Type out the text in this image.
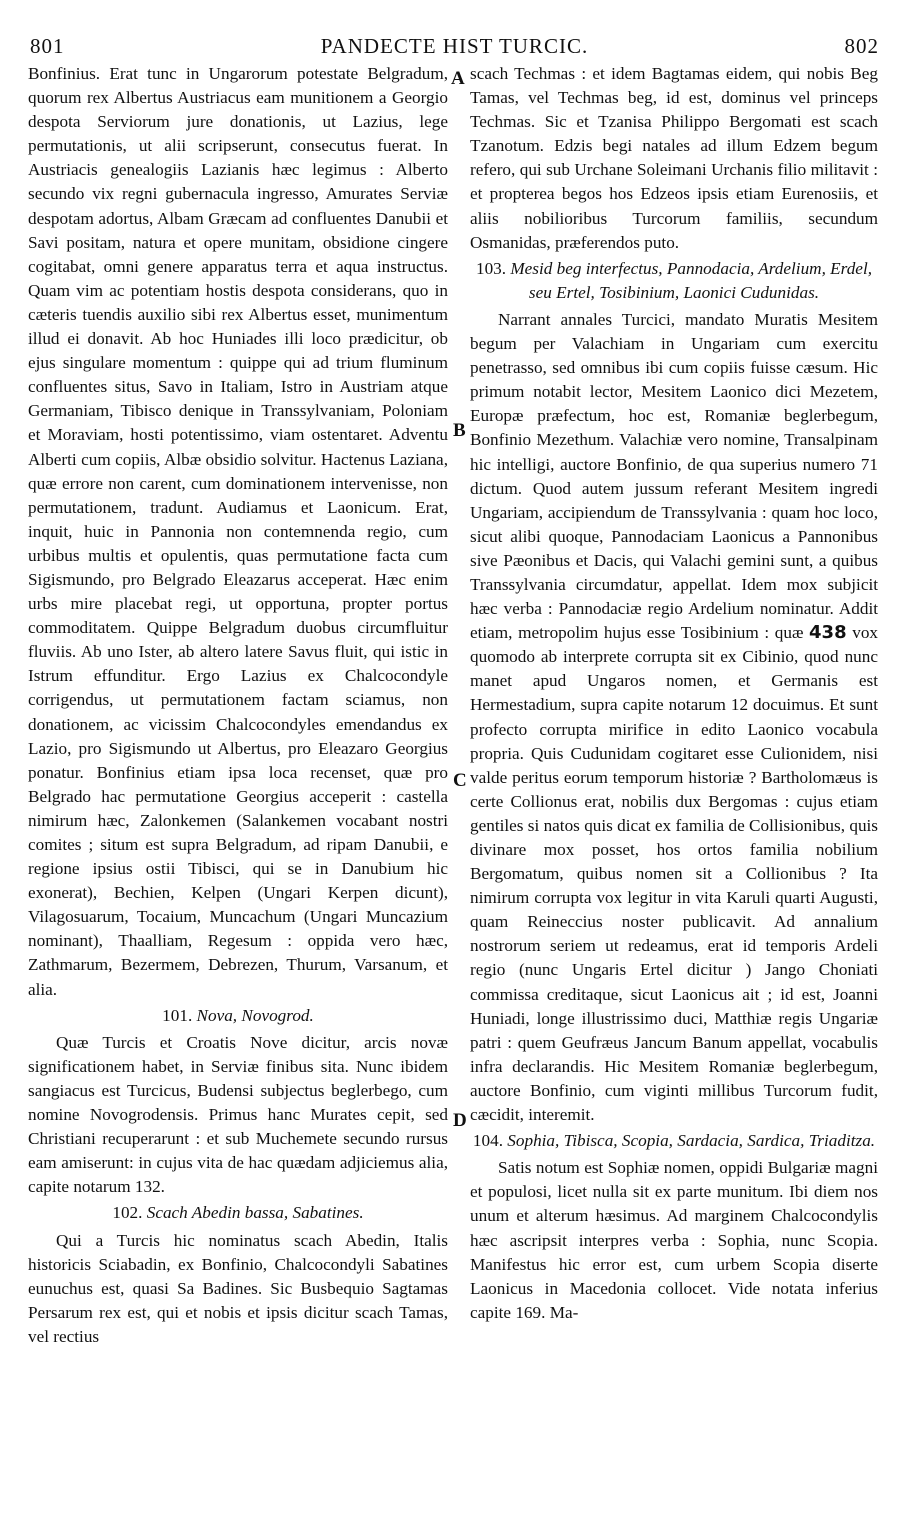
801	PANDECTE HIST TURCIC.	802
A
B
C
D

Bonfinius. Erat tunc in Ungarorum potestate Belgradum, quorum rex Albertus Austriacus eam munitionem a Georgio despota Serviorum jure donationis, ut Lazius, lege permutationis, ut alii scripserunt, consecutus fuerat. In Austriacis genealogiis Lazianis hæc legimus : Alberto secundo vix regni gubernacula ingresso, Amurates Serviæ despotam adortus, Albam Græcam ad confluentes Danubii et Savi positam, natura et opere munitam, obsidione cingere cogitabat, omni genere apparatus terra et aqua instructus. Quam vim ac potentiam hostis despota considerans, quo in cæteris tuendis auxilio sibi rex Albertus esset, munimentum illud ei donavit. Ab hoc Huniades illi loco prædicitur, ob ejus singulare momentum : quippe qui ad trium fluminum confluentes situs, Savo in Italiam, Istro in Austriam atque Germaniam, Tibisco denique in Transsylvaniam, Poloniam et Moraviam, hosti potentissimo, viam ostentaret. Adventu Alberti cum copiis, Albæ obsidio solvitur. Hactenus Laziana, quæ errore non carent, cum dominationem intervenisse, non permutationem, tradunt. Audiamus et Laonicum. Erat, inquit, huic in Pannonia non contemnenda regio, cum urbibus multis et opulentis, quas permutatione facta cum Sigismundo, pro Belgrado Eleazarus acceperat. Hæc enim urbs mire placebat regi, ut opportuna, propter portus commoditatem. Quippe Belgradum duobus circumfluitur fluviis. Ab uno Ister, ab altero latere Savus fluit, qui istic in Istrum effunditur. Ergo Lazius ex Chalcocondyle corrigendus, ut permutationem factam sciamus, non donationem, ac vicissim Chalcocondyles emendandus ex Lazio, pro Sigismundo ut Albertus, pro Eleazaro Georgius ponatur. Bonfinius etiam ipsa loca recenset, quæ pro Belgrado hac permutatione Georgius acceperit : castella nimirum hæc, Zalonkemen (Salankemen vocabant nostri comites ; situm est supra Belgradum, ad ripam Danubii, e regione ipsius ostii Tibisci, qui se in Danubium hic exonerat), Bechien, Kelpen (Ungari Kerpen dicunt), Vilagosuarum, Tocaium, Muncachum (Ungari Muncazium nominant), Thaalliam, Regesum : oppida vero hæc, Zathmarum, Bezermem, Debrezen, Thurum, Varsanum, et alia.

101. Nova, Novogrod.

Quæ Turcis et Croatis Nove dicitur, arcis novæ significationem habet, in Serviæ finibus sita. Nunc ibidem sangiacus est Turcicus, Budensi subjectus beglerbego, cum nomine Novogrodensis. Primus hanc Murates cepit, sed Christiani recuperarunt : et sub Muchemete secundo rursus eam amiserunt: in cujus vita de hac quædam adjiciemus alia, capite notarum 132.

102. Scach Abedin bassa, Sabatines.

Qui a Turcis hic nominatus scach Abedin, Italis historicis Sciabadin, ex Bonfinio, Chalcocondyli Sabatines eunuchus est, quasi Sa Badines. Sic Busbequio Sagtamas Persarum rex est, qui et nobis et ipsis dicitur scach Tamas, vel rectius

scach Techmas : et idem Bagtamas eidem, qui nobis Beg Tamas, vel Techmas beg, id est, dominus vel princeps Techmas. Sic et Tzanisa Philippo Bergomati est scach Tzanotum. Edzis begi natales ad illum Edzem begum refero, qui sub Urchane Soleimani Urchanis filio militavit : et propterea begos hos Edzeos ipsis etiam Eurenosiis, et aliis nobilioribus Turcorum familiis, secundum Osmanidas, præferendos puto.

103. Mesid beg interfectus, Pannodacia, Ardelium, Erdel, seu Ertel, Tosibinium, Laonici Cudunidas.

Narrant annales Turcici, mandato Muratis Mesitem begum per Valachiam in Ungariam cum exercitu penetrasso, sed omnibus ibi cum copiis fuisse cæsum. Hic primum notabit lector, Mesitem Laonico dici Mezetem, Europæ præfectum, hoc est, Romaniæ beglerbegum, Bonfinio Mezethum. Valachiæ vero nomine, Transalpinam hic intelligi, auctore Bonfinio, de qua superius numero 71 dictum. Quod autem jussum referant Mesitem ingredi Ungariam, accipiendum de Transsylvania : quam hoc loco, sicut alibi quoque, Pannodaciam Laonicus a Pannonibus sive Pæonibus et Dacis, qui Valachi gemini sunt, a quibus Transsylvania circumdatur, appellat. Idem mox subjicit hæc verba : Pannodaciæ regio Ardelium nominatur. Addit etiam, metropolim hujus esse Tosibinium : quæ 438 vox quomodo ab interprete corrupta sit ex Cibinio, quod nunc manet apud Ungaros nomen, et Germanis est Hermestadium, supra capite notarum 12 docuimus. Et sunt profecto corrupta mirifice in edito Laonico vocabula propria. Quis Cudunidam cogitaret esse Culionidem, nisi valde peritus eorum temporum historiæ ? Bartholomæus is certe Collionus erat, nobilis dux Bergomas : cujus etiam gentiles si natos quis dicat ex familia de Collisionibus, quis divinare mox posset, hos ortos familia nobilium Bergomatum, quibus nomen sit a Collionibus ? Ita nimirum corrupta vox legitur in vita Karuli quarti Augusti, quam Reineccius noster publicavit. Ad annalium nostrorum seriem ut redeamus, erat id temporis Ardeli regio (nunc Ungaris Ertel dicitur ) Jango Choniati commissa creditaque, sicut Laonicus ait ; id est, Joanni Huniadi, longe illustrissimo duci, Matthiæ regis Ungariæ patri : quem Geufræus Jancum Banum appellat, vocabulis infra declarandis. Hic Mesitem Romaniæ beglerbegum, auctore Bonfinio, cum viginti millibus Turcorum fudit, cæcidit, interemit.

104. Sophia, Tibisca, Scopia, Sardacia, Sardica, Triaditza.

Satis notum est Sophiæ nomen, oppidi Bulgariæ magni et populosi, licet nulla sit ex parte munitum. Ibi diem nos unum et alterum hæsimus. Ad marginem Chalcocondylis hæc ascripsit interpres verba : Sophia, nunc Scopia. Manifestus hic error est, cum urbem Scopia diserte Laonicus in Macedonia collocet. Vide notata inferius capite 169. Ma-
